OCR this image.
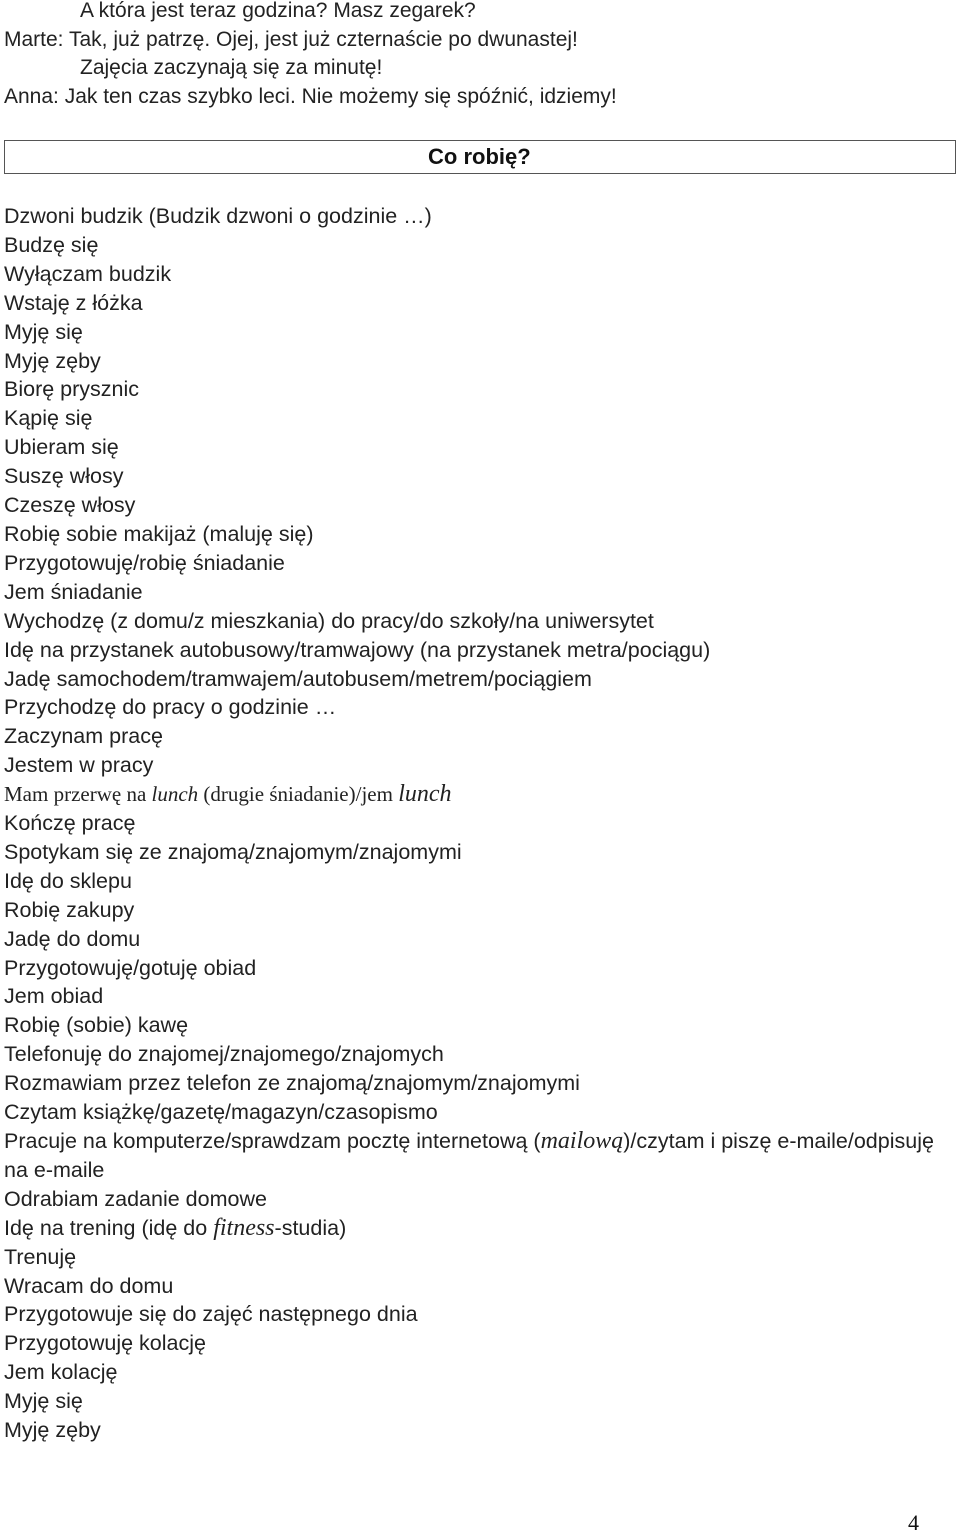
A która jest teraz godzina? Masz zegarek?
Marte: Tak, już patrzę. Ojej, jest już czternaście po dwunastej!
Zajęcia zaczynają się za minutę!
Anna: Jak ten czas szybko leci. Nie możemy się spóźnić, idziemy!
Co robię?
Dzwoni budzik (Budzik dzwoni o godzinie …)
Budzę się
Wyłączam budzik
Wstaję z łóżka
Myję się
Myję zęby
Biorę prysznic
Kąpię się
Ubieram się
Suszę włosy
Czeszę włosy
Robię sobie makijaż (maluję się)
Przygotowuję/robię śniadanie
Jem śniadanie
Wychodzę (z domu/z mieszkania) do pracy/do szkoły/na uniwersytet
Idę na przystanek autobusowy/tramwajowy (na przystanek metra/pociągu)
Jadę samochodem/tramwajem/autobusem/metrem/pociągiem
Przychodzę do pracy o godzinie …
Zaczynam pracę
Jestem w pracy
Mam przerwę na lunch (drugie śniadanie)/jem lunch
Kończę pracę
Spotykam się ze znajomą/znajomym/znajomymi
Idę do sklepu
Robię zakupy
Jadę do domu
Przygotowuję/gotuję obiad
Jem obiad
Robię (sobie) kawę
Telefonuję do znajomej/znajomego/znajomych
Rozmawiam przez telefon ze znajomą/znajomym/znajomymi
Czytam książkę/gazetę/magazyn/czasopismo
Pracuje na komputerze/sprawdzam pocztę internetową (mailową)/czytam i piszę e-maile/odpisuję na e-maile
Odrabiam zadanie domowe
Idę na trening (idę do fitness-studia)
Trenuję
Wracam do domu
Przygotowuje się do zajęć następnego dnia
Przygotowuję kolację
Jem kolację
Myję się
Myję zęby
4
